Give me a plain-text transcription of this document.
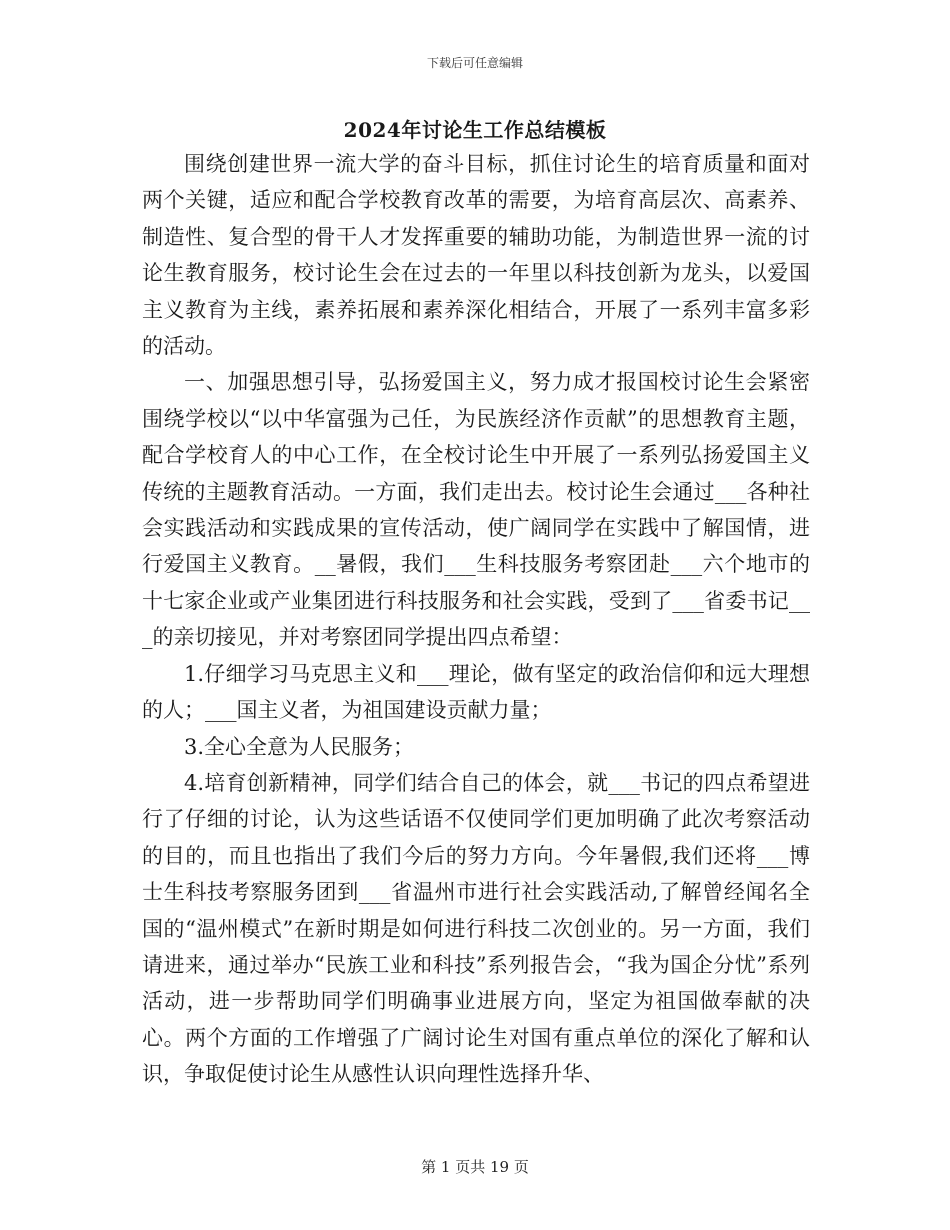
下载后可任意编辑
2024年讨论生工作总结模板

围绕创建世界一流大学的奋斗目标，抓住讨论生的培育质量和面对两个关键，适应和配合学校教育改革的需要，为培育高层次、高素养、制造性、复合型的骨干人才发挥重要的辅助功能，为制造世界一流的讨论生教育服务，校讨论生会在过去的一年里以科技创新为龙头，以爱国主义教育为主线，素养拓展和素养深化相结合，开展了一系列丰富多彩的活动。

一、加强思想引导，弘扬爱国主义，努力成才报国校讨论生会紧密围绕学校以“以中华富强为己任，为民族经济作贡献”的思想教育主题，配合学校育人的中心工作，在全校讨论生中开展了一系列弘扬爱国主义传统的主题教育活动。一方面，我们走出去。校讨论生会通过___各种社会实践活动和实践成果的宣传活动，使广阔同学在实践中了解国情，进行爱国主义教育。__暑假，我们___生科技服务考察团赴___六个地市的十七家企业或产业集团进行科技服务和社会实践，受到了___省委书记___的亲切接见，并对考察团同学提出四点希望：

1.仔细学习马克思主义和___理论，做有坚定的政治信仰和远大理想的人；___国主义者，为祖国建设贡献力量；

3.全心全意为人民服务；

4.培育创新精神，同学们结合自己的体会，就___书记的四点希望进行了仔细的讨论，认为这些话语不仅使同学们更加明确了此次考察活动的目的，而且也指出了我们今后的努力方向。今年暑假,我们还将___博士生科技考察服务团到___省温州市进行社会实践活动,了解曾经闻名全国的“温州模式”在新时期是如何进行科技二次创业的。另一方面，我们请进来，通过举办“民族工业和科技”系列报告会，“我为国企分忧”系列活动，进一步帮助同学们明确事业进展方向，坚定为祖国做奉献的决心。两个方面的工作增强了广阔讨论生对国有重点单位的深化了解和认识，争取促使讨论生从感性认识向理性选择升华、

第 1 页共 19 页
